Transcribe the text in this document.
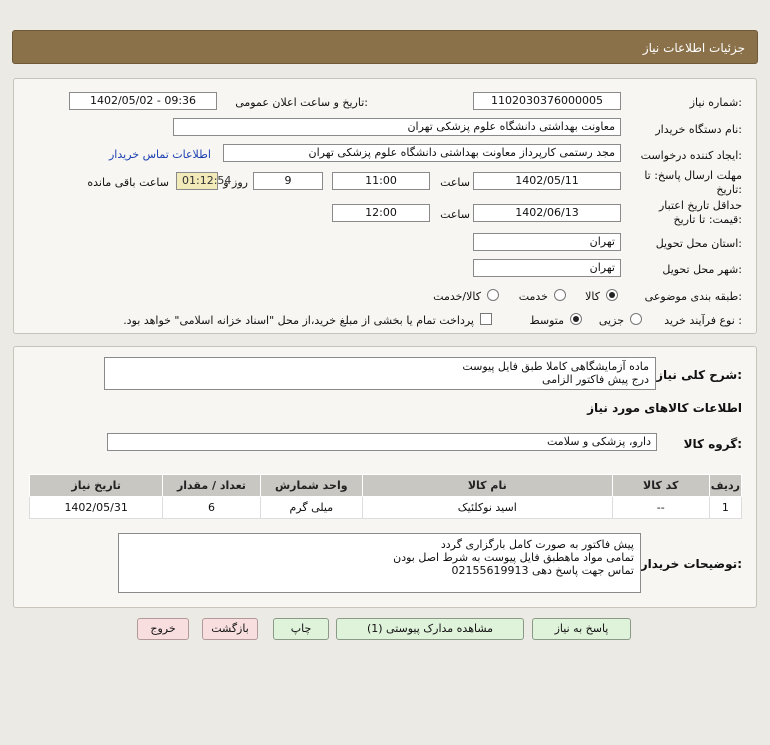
جزئیات اطلاعات نیاز
شماره نیاز:
1102030376000005
تاریخ و ساعت اعلان عمومی:
1402/05/02 - 09:36
نام دستگاه خریدار:
معاونت بهداشتی دانشگاه علوم پزشکی تهران
ایجاد کننده درخواست:
مجد رستمی کارپرداز معاونت بهداشتی دانشگاه علوم پزشکی تهران
اطلاعات تماس خریدار
مهلت ارسال پاسخ: تا تاریخ:
1402/05/11
ساعت
11:00
9
روز و
01:12:54
ساعت باقی مانده
حداقل تاریخ اعتبار قیمت: تا تاریخ:
1402/06/13
ساعت
12:00
استان محل تحویل:
تهران
شهر محل تحویل:
تهران
طبقه بندی موضوعی:
کالا
خدمت
کالا/خدمت
نوع فرآیند خرید :
جزیی
متوسط
پرداخت تمام یا بخشی از مبلغ خرید،از محل "اسناد خزانه اسلامی" خواهد بود.
شرح کلی نیاز:
ماده آزمایشگاهی کاملا طبق فایل پیوست
درج پیش فاکتور الزامی
اطلاعات کالاهای مورد نیاز
گروه کالا:
دارو، پزشکی و سلامت
ردیف	کد کالا	نام کالا	واحد شمارش	تعداد / مقدار	تاریخ نیاز
1	--	اسید نوکلئیک	میلی گرم	6	1402/05/31
توضیحات خریدار:
پیش فاکتور به صورت کامل بارگزاری گردد
تمامی مواد ماهطبق فایل پیوست به شرط اصل بودن
تماس جهت پاسخ دهی 02155619913
پاسخ به نیاز
مشاهده مدارک پیوستی (1)
چاپ
بازگشت
خروج
